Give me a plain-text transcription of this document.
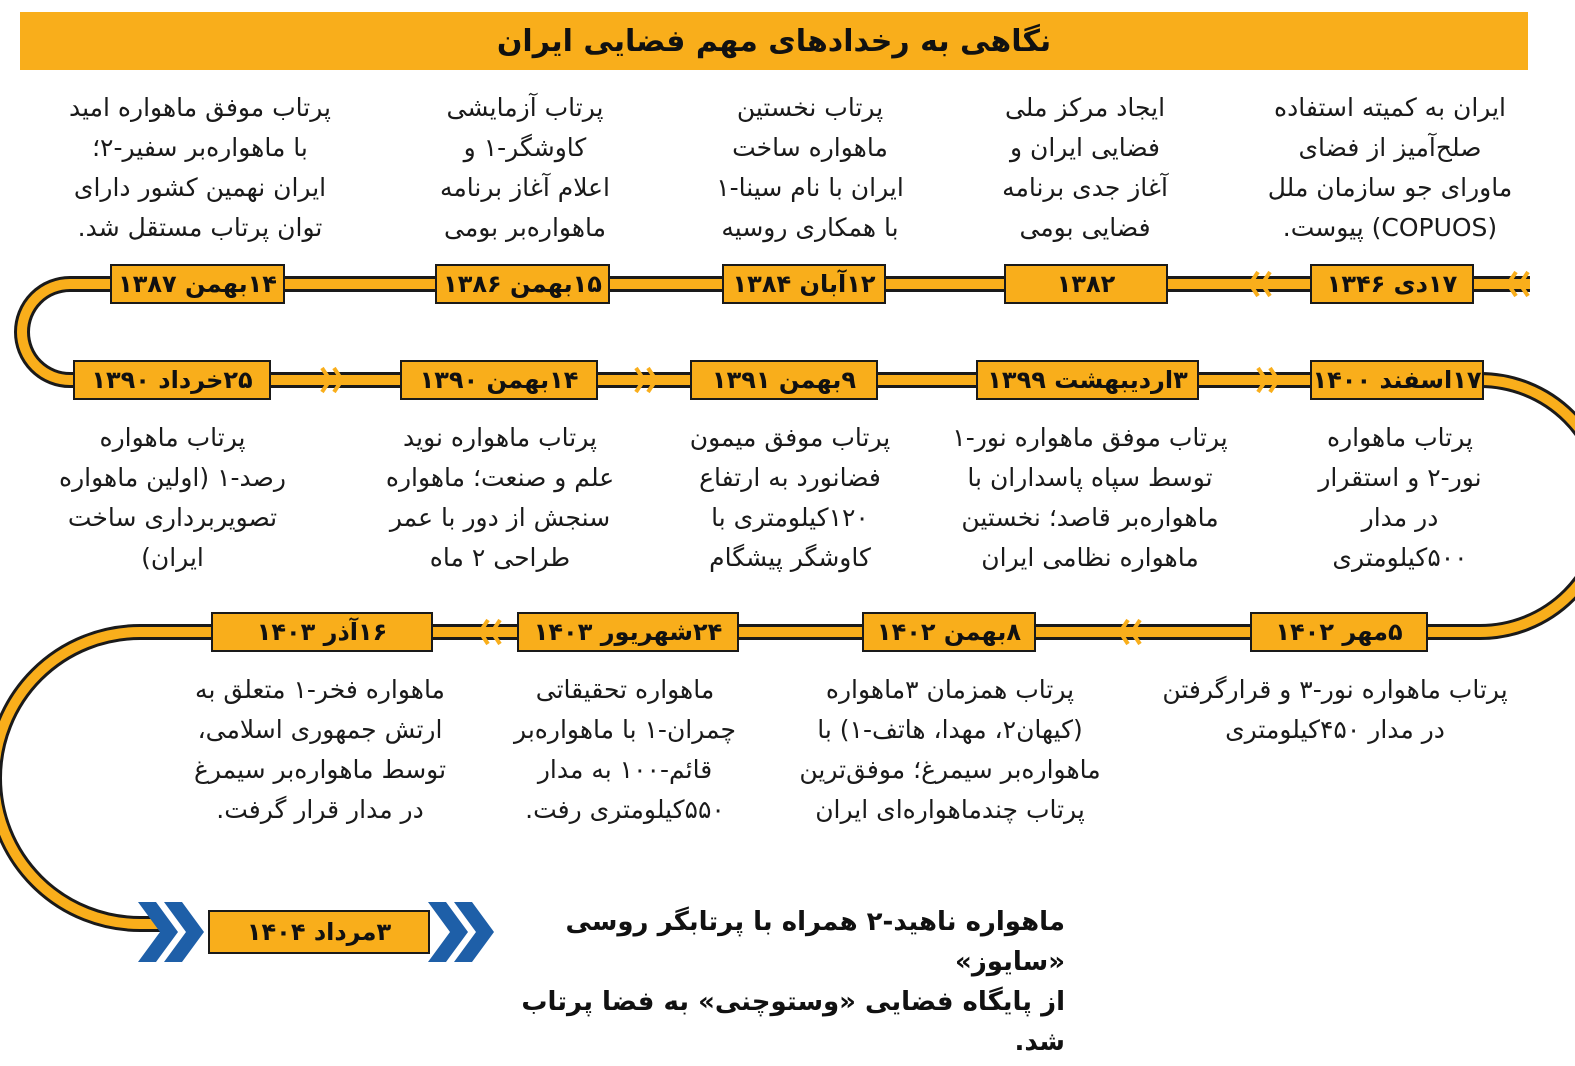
نگاهی به رخدادهای مهم فضایی ایران
ایران به کمیته استفاده
صلح‌آمیز از فضای
ماورای جو سازمان ملل
(COPUOS) پیوست.
۱۷دی ۱۳۴۶
ایجاد مرکز ملی
فضایی ایران و
آغاز جدی برنامه
فضایی بومی
۱۳۸۲
پرتاب نخستین
ماهواره ساخت
ایران با نام سینا-۱
با همکاری روسیه
۱۲آبان ۱۳۸۴
پرتاب آزمایشی
کاوشگر-۱ و
اعلام آغاز برنامه
ماهواره‌بر بومی
۱۵بهمن ۱۳۸۶
پرتاب موفق ماهواره امید
با ماهواره‌بر سفیر-۲؛
ایران نهمین کشور دارای
توان پرتاب مستقل شد.
۱۴بهمن ۱۳۸۷
۲۵خرداد ۱۳۹۰
پرتاب ماهواره
رصد-۱ (اولین ماهواره
تصویربرداری ساخت
ایران)
۱۴بهمن ۱۳۹۰
پرتاب ماهواره نوید
علم و صنعت؛ ماهواره
سنجش از دور با عمر
طراحی ۲ ماه
۹بهمن ۱۳۹۱
پرتاب موفق میمون
فضانورد به ارتفاع
۱۲۰کیلومتری با
کاوشگر پیشگام
۳اردیبهشت ۱۳۹۹
پرتاب موفق ماهواره نور-۱
توسط سپاه پاسداران با
ماهواره‌بر قاصد؛ نخستین
ماهواره نظامی ایران
۱۷اسفند ۱۴۰۰
پرتاب ماهواره
نور-۲ و استقرار
در مدار
۵۰۰کیلومتری
۵مهر ۱۴۰۲
پرتاب ماهواره نور-۳ و قرارگرفتن
در مدار ۴۵۰کیلومتری
۸بهمن ۱۴۰۲
پرتاب همزمان ۳ماهواره
(کیهان۲، مهدا، هاتف-۱) با
ماهواره‌بر سیمرغ؛ موفق‌ترین
پرتاب چندماهواره‌ای ایران
۲۴شهریور ۱۴۰۳
ماهواره تحقیقاتی
چمران-۱ با ماهواره‌بر
قائم-۱۰۰ به مدار
۵۵۰کیلومتری رفت.
۱۶آذر ۱۴۰۳
ماهواره فخر-۱ متعلق به
ارتش جمهوری اسلامی،
توسط ماهواره‌بر سیمرغ
در مدار قرار گرفت.
۳مرداد ۱۴۰۴	ماهواره ناهید-۲ همراه با پرتابگر روسی «سایوز»
از پایگاه فضایی «وستوچنی» به فضا پرتاب شد.
